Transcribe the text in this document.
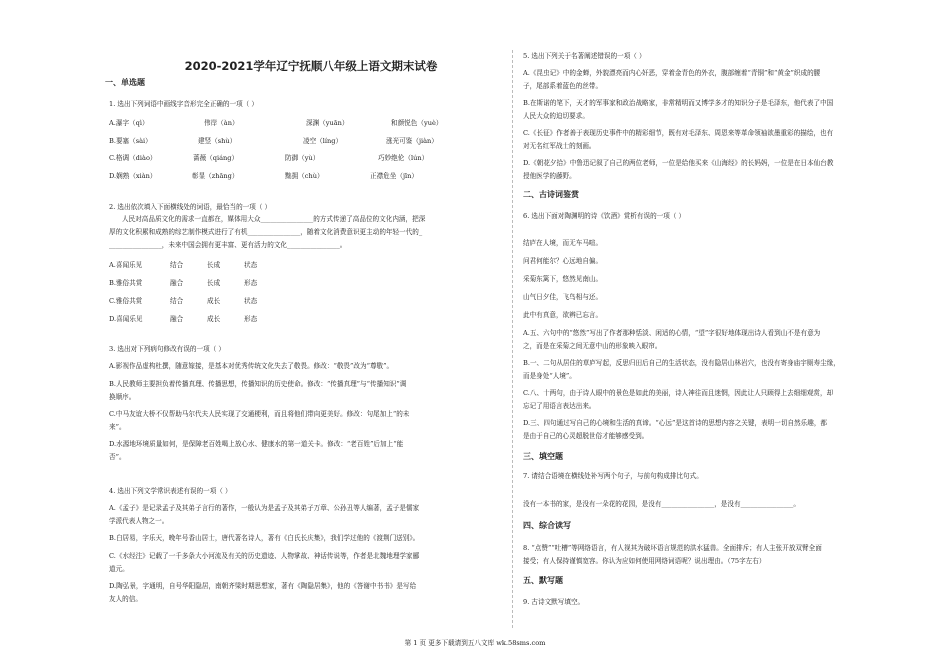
2020-2021学年辽宁抚顺八年级上语文期末试卷
一、单选题
1. 选出下列词语中画线字音形完全正确的一项（ ）
A.瀑字（qì）	伟岸（àn）	深渊（yuān）	和颜悦色（yuè）
B.要塞（sài）	建竖（shù）	凌空（líng）	涨光可鉴（jiàn）
C.格调（diào）	蔷薇（qiáng）	防御（yù）	巧妙绝伦（lún）
D.娴熟（xiàn）	彰显（zhāng）	黜拥（chù）	正襟危坐（jīn）
2. 选出依次填入下面横线处的词语，最恰当的一项（ ）
人民对高品质文化的需求一直都在，媒体用大众________________的方式传递了高品位的文化内涵，把深
厚的文化积累和成熟的综艺制作模式进行了有机________________，随着文化消费意识更主动的年轻一代的_
________________，未来中国会拥有更丰富、更有活力的文化________________。
A.喜闻乐见	结合	长成	状态
B.雅俗共赏	融合	长成	形态
C.雅俗共赏	结合	成长	状态
D.喜闻乐见	融合	成长	形态
3. 选出对下列病句修改有误的一项（ ）
A.影视作品虚构杜撰，随意嫁接，是基本对优秀传统文化失去了敬畏。修改：“敬畏”改为“尊敬”。
B.人民教师主要担负着传播真理、传播思想，传播知识的历史使命。修改：“传播真理”与“传播知识”调
换顺序。
C.中马友谊大桥不仅帮助马尔代夫人民实现了交通梗利，而且将他们带向更美好。修改：句尾加上“的未
来”。
D.水源地环境质量如何，是保障老百姓喝上放心水、健康水的第一道关卡。修改：“老百姓”后加上“能
否”。
4. 选出下列文学常识表述有误的一项（ ）
A.《孟子》是记录孟子及其弟子言行的著作，一般认为是孟子及其弟子万章、公孙丑等人编著，孟子是儒家
学派代表人物之一。
B.白居易，字乐天，晚年号香山居士，唐代著名诗人，著有《白氏长庆集》，我们学过他的《渡荆门送别》。
C.《水经注》记载了一千多条大小河流及有关的历史遗迹、人物掌故、神话传说等，作者是北魏地理学家郦
道元。
D.陶弘景，字通明，自号华阳隐居，南朝齐梁时期思想家，著有《陶隐居集》，他的《答谢中书书》是写给
友人的信。
5. 选出下列关于名著阐述错误的一项（ ）
A.《昆虫记》中的金蝉，外貌漂亮而内心奸恶，穿着金青色的外衣，腹部缠着“青铜”和“黄金”织成的腰
子，尾部系着蓝色的丝带。
B.在斯诺的笔下，天才的军事家和政治战略家，非常精明而又博学多才的知识分子是毛泽东，他代表了中国
人民大众的迫切要求。
C.《长征》作者善于表现历史事件中的精彩细节，既有对毛泽东、周恩来等革命领袖欲墨重彩的描绘，也有
对无名红军战士的刻画。
D.《朝花夕拾》中鲁迅记叙了自己的两位老师，一位是给他买来《山海经》的长妈妈，一位是在日本仙台教
授他医学的藤野。
二、古诗词鉴赏
6. 选出下面对陶渊明的诗《饮酒》赏析有误的一项（ ）
结庐在人境，而无车马喧。
问君何能尔？心远地自偏。
采菊东篱下，悠然见南山。
山气日夕佳，飞鸟相与还。
此中有真意，欲辨已忘言。
A.五、六句中的“悠然”写出了作者那种恬淡、闲适的心情，“望”字很好地体现出诗人看到山不是有意为
之，而是在采菊之间无意中山的形象映入眼帘。
B.一、二句从居住的草庐写起，反思归田后自己的生活状态，没有隐居山林岩穴，也没有寄身庙宇厕寿尘缘，
而是身处“人境”。
C.八、十两句，由于诗人眼中的景色是如此的美丽，诗人神往而且迷惘，因此让人只顾得上去细细观赏，却
忘记了用语言表达出来。
D.三、四句通过写自己的心境和生活的真谛。“心远”是这首诗的思想内容之关键，表明一切自然乐趣，都
是由于自己的心灵超脱世俗才能够感受到。
三、填空题
7. 请结合语境在横线处补写两个句子，与前句构成排比句式。
没有一本书的家，是没有一朵花的花园，是没有________________，是没有________________。
四、综合读写
8. “点赞”“吐槽”等网络语言，有人视其为破坏语言规范的洪水猛兽。全面排斥；有人主张开放双臂全面
接受；有人保持谨慎宽容。你认为应如何使用网络词语呢？说出理由。（75字左右）
五、默写题
9. 古诗文默写填空。
第 1 页 更多下载请到五八文库 wk.58sms.com
